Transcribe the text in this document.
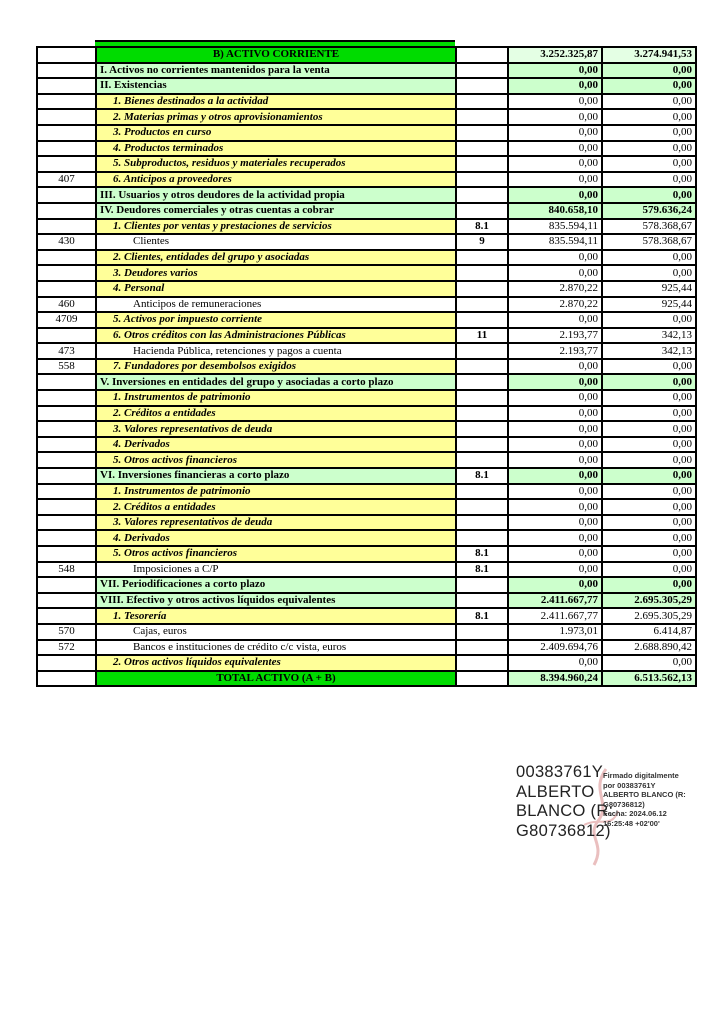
	B) ACTIVO CORRIENTE		3.252.325,87	3.274.941,53
	I. Activos no corrientes mantenidos para la venta		0,00	0,00
	II. Existencias		0,00	0,00
	1. Bienes destinados a la actividad		0,00	0,00
	2. Materias primas y otros aprovisionamientos		0,00	0,00
	3. Productos en curso		0,00	0,00
	4. Productos terminados		0,00	0,00
	5. Subproductos, residuos y materiales recuperados		0,00	0,00
407	6. Anticipos a proveedores		0,00	0,00
	III. Usuarios y otros deudores de la actividad propia		0,00	0,00
	IV. Deudores comerciales y otras cuentas a cobrar		840.658,10	579.636,24
	1. Clientes por ventas y prestaciones de servicios	8.1	835.594,11	578.368,67
430	Clientes	9	835.594,11	578.368,67
	2. Clientes, entidades del grupo y asociadas		0,00	0,00
	3. Deudores varios		0,00	0,00
	4. Personal		2.870,22	925,44
460	Anticipos de remuneraciones		2.870,22	925,44
4709	5. Activos por impuesto corriente		0,00	0,00
	6. Otros créditos con las Administraciones Públicas	11	2.193,77	342,13
473	Hacienda Pública, retenciones y pagos a cuenta		2.193,77	342,13
558	7. Fundadores por desembolsos exigidos		0,00	0,00
	V. Inversiones en entidades del grupo y asociadas a corto plazo		0,00	0,00
	1. Instrumentos de patrimonio		0,00	0,00
	2. Créditos a entidades		0,00	0,00
	3. Valores representativos de deuda		0,00	0,00
	4. Derivados		0,00	0,00
	5. Otros activos financieros		0,00	0,00
	VI. Inversiones financieras a corto plazo	8.1	0,00	0,00
	1. Instrumentos de patrimonio		0,00	0,00
	2. Créditos a entidades		0,00	0,00
	3. Valores representativos de deuda		0,00	0,00
	4. Derivados		0,00	0,00
	5. Otros activos financieros	8.1	0,00	0,00
548	Imposiciones a C/P	8.1	0,00	0,00
	VII. Periodificaciones a corto plazo		0,00	0,00
	VIII. Efectivo y otros activos líquidos equivalentes		2.411.667,77	2.695.305,29
	1. Tesorería	8.1	2.411.667,77	2.695.305,29
570	Cajas, euros		1.973,01	6.414,87
572	Bancos e instituciones de crédito c/c vista, euros		2.409.694,76	2.688.890,42
	2. Otros activos líquidos equivalentes		0,00	0,00
	TOTAL ACTIVO (A + B)		8.394.960,24	6.513.562,13
00383761Y
ALBERTO
BLANCO (R:
G80736812)
Firmado digitalmente
por 00383761Y
ALBERTO BLANCO (R:
G80736812)
Fecha: 2024.06.12
16:25:48 +02'00'
